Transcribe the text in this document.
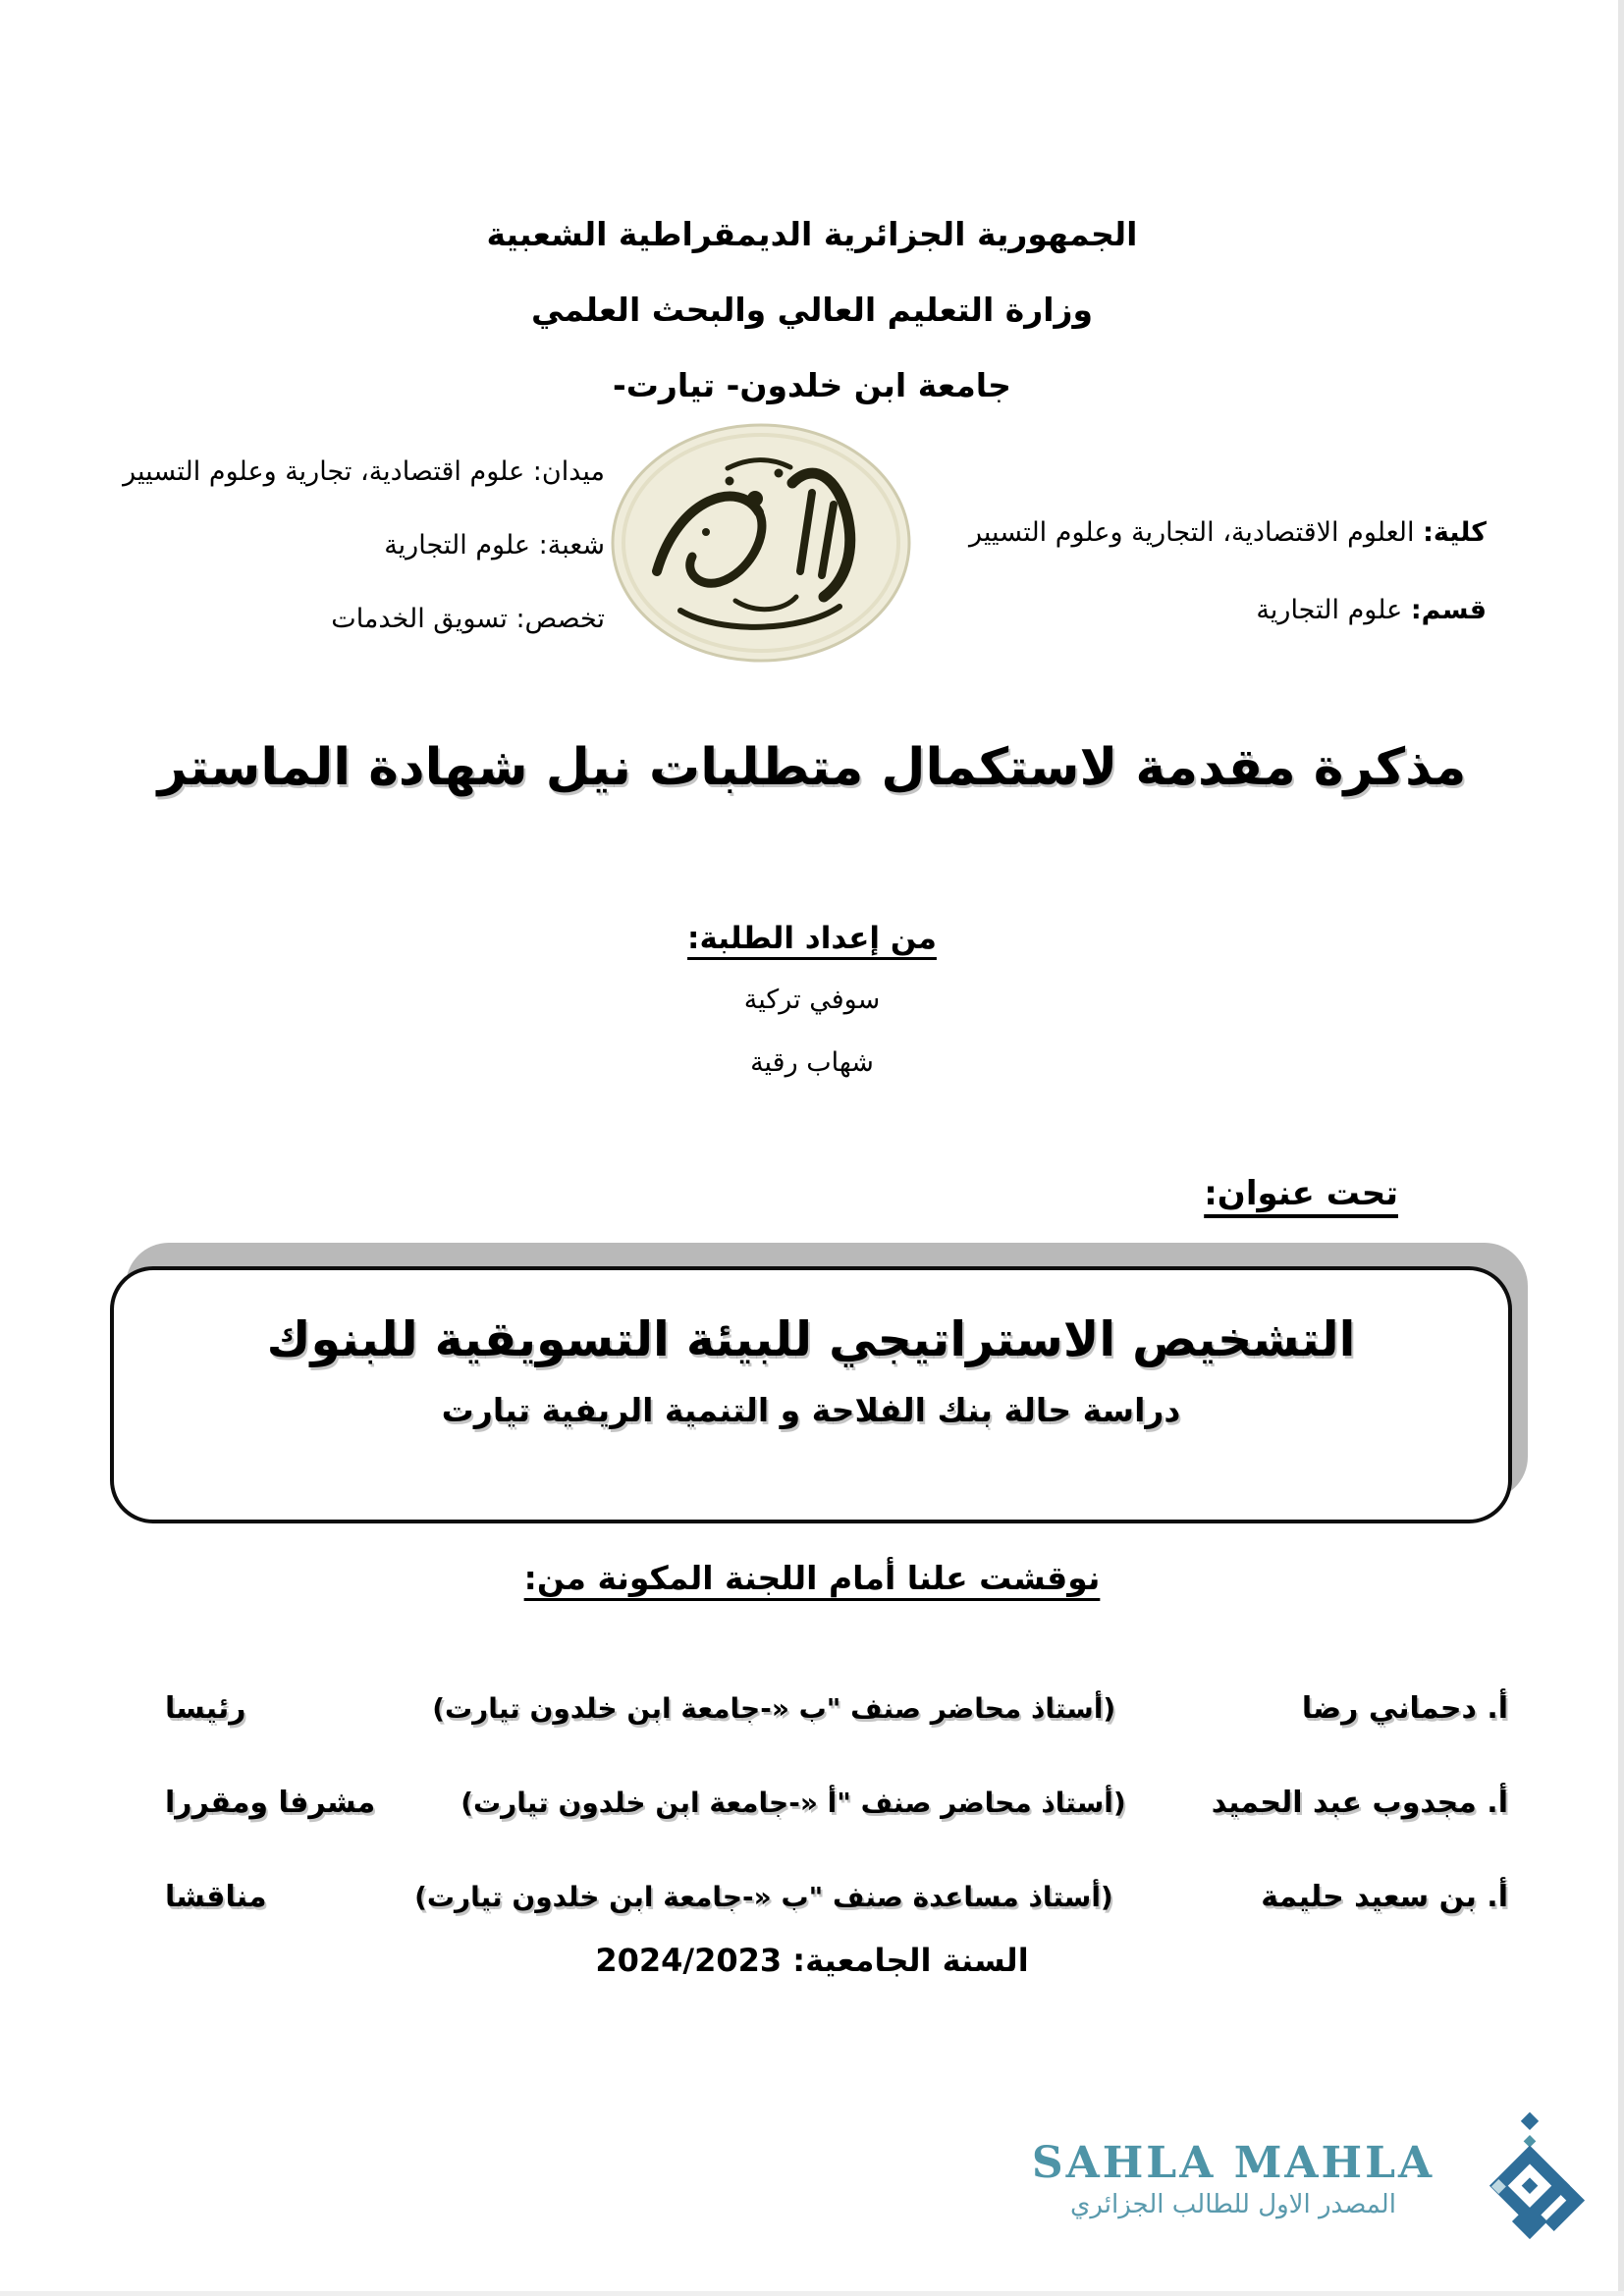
الجمهورية الجزائرية الديمقراطية الشعبية
وزارة التعليم العالي والبحث العلمي
جامعة ابن خلدون- تيارت-
كلية: العلوم الاقتصادية، التجارية وعلوم التسيير
قسم: علوم التجارية
ميدان: علوم اقتصادية، تجارية وعلوم التسيير
شعبة: علوم التجارية
تخصص: تسويق الخدمات
مذكرة مقدمة لاستكمال متطلبات نيل شهادة الماستر
من إعداد الطلبة:
سوفي تركية
شهاب رقية
تحت عنوان:
التشخيص الاستراتيجي للبيئة التسويقية للبنوك
دراسة حالة بنك الفلاحة و التنمية الريفية تيارت
نوقشت علنا أمام اللجنة المكونة من:
أ. دحماني رضا
(أستاذ محاضر صنف "ب «-جامعة ابن خلدون تيارت)
رئيسا
أ. مجدوب عبد الحميد
(أستاذ محاضر صنف "أ «-جامعة ابن خلدون تيارت)
مشرفا ومقررا
أ. بن سعيد حليمة
(أستاذ مساعدة صنف "ب «-جامعة ابن خلدون تيارت)
مناقشا
السنة الجامعية: 2024/2023
SAHLA MAHLA
المصدر الاول للطالب الجزائري
